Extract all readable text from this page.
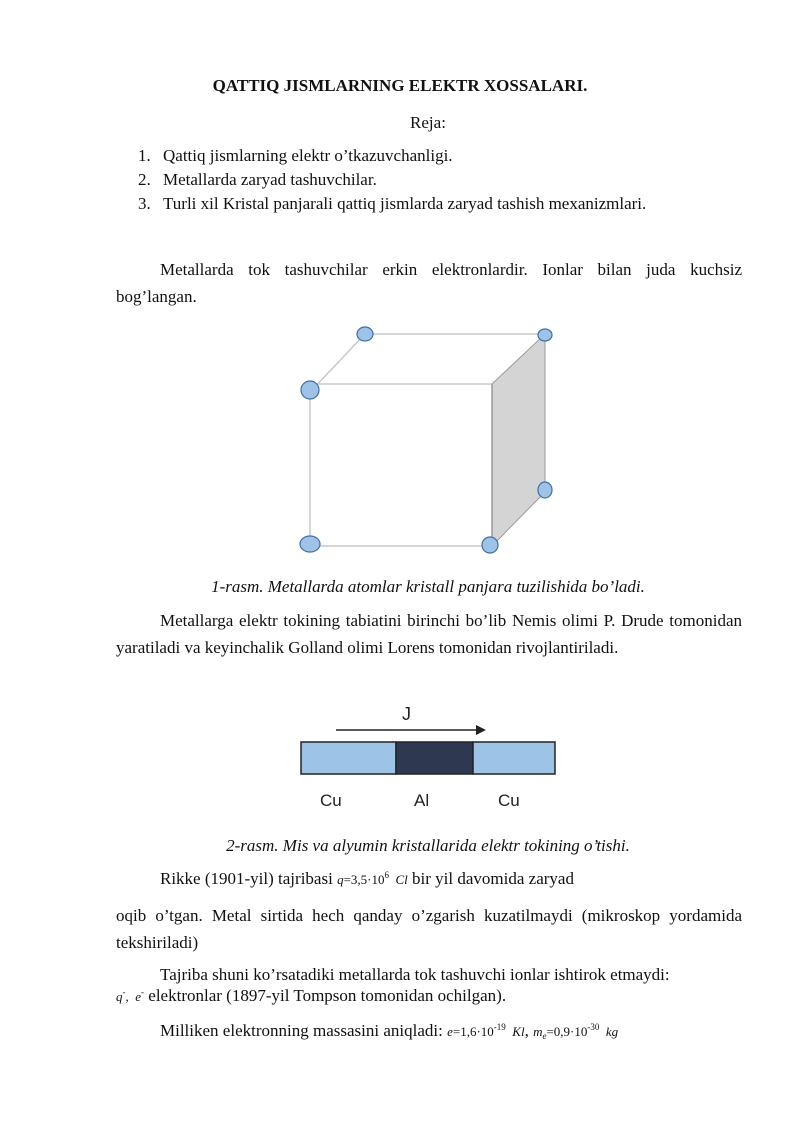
QATTIQ JISMLARNING ELEKTR XOSSALARI.

Reja:

1. Qattiq jismlarning elektr o’tkazuvchanligi.
2. Metallarda zaryad tashuvchilar.
3. Turli xil Kristal panjarali qattiq jismlarda zaryad tashish mexanizmlari.

Metallarda tok tashuvchilar erkin elektronlardir. Ionlar bilan juda kuchsiz bog’langan.

1-rasm. Metallarda atomlar kristall panjara tuzilishida bo’ladi.

Metallarga elektr tokining tabiatini birinchi bo’lib Nemis olimi P. Drude tomonidan yaratiladi va keyinchalik Golland olimi Lorens tomonidan rivojlantiriladi.

J
Cu	Al	Cu

2-rasm. Mis va alyumin kristallarida elektr tokining o’tishi.

Rikke (1901-yil) tajribasi $q=3,5\cdot 10^6$ Cl bir yil davomida zaryad

oqib o’tgan. Metal sirtida hech qanday o’zgarish kuzatilmaydi (mikroskop yordamida tekshiriladi)

Tajriba shuni ko’rsatadiki metallarda tok tashuvchi ionlar ishtirok etmaydi:

q-, e- elektronlar (1897-yil Tompson tomonidan ochilgan).

Milliken elektronning massasini aniqladi: $e=1,6\cdot 10^{-19}$ Kl, $m_e=0,9\cdot 10^{-30}$ kg
